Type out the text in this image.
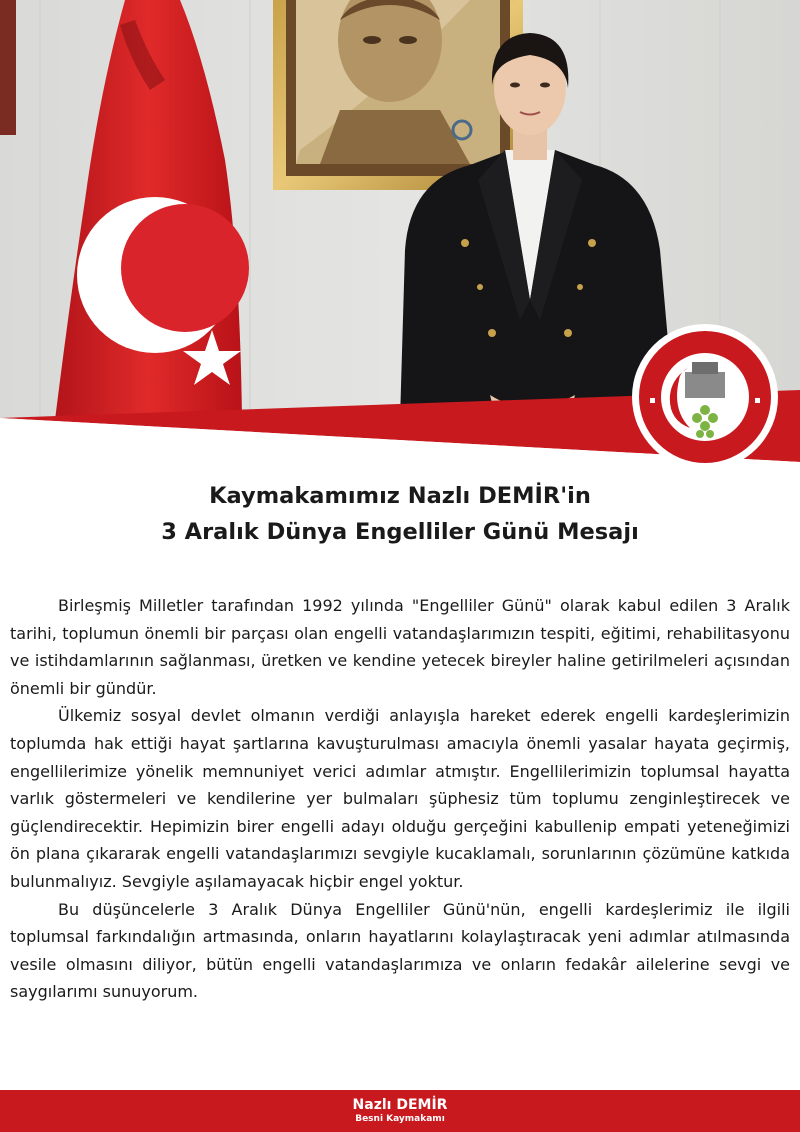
Kaymakamımız Nazlı DEMİR'in
3 Aralık Dünya Engelliler Günü Mesajı

Birleşmiş Milletler tarafından 1992 yılında "Engelliler Günü" olarak kabul edilen 3 Aralık tarihi, toplumun önemli bir parçası olan engelli vatandaşlarımızın tespiti, eğitimi, rehabilitasyonu ve istihdamlarının sağlanması, üretken ve kendine yetecek bireyler haline getirilmeleri açısından önemli bir gündür.

Ülkemiz sosyal devlet olmanın verdiği anlayışla hareket ederek engelli kardeşlerimizin toplumda hak ettiği hayat şartlarına kavuşturulması amacıyla önemli yasalar hayata geçirmiş, engellilerimize yönelik memnuniyet verici adımlar atmıştır. Engellilerimizin toplumsal hayatta varlık göstermeleri ve kendilerine yer bulmaları şüphesiz tüm toplumu zenginleştirecek ve güçlendirecektir. Hepimizin birer engelli adayı olduğu gerçeğini kabullenip empati yeteneğimizi ön plana çıkararak engelli vatandaşlarımızı sevgiyle kucaklamalı, sorunlarının çözümüne katkıda bulunmalıyız. Sevgiyle aşılamayacak hiçbir engel yoktur.

Bu düşüncelerle 3 Aralık Dünya Engelliler Günü'nün, engelli kardeşlerimiz ile ilgili toplumsal farkındalığın artmasında, onların hayatlarını kolaylaştıracak yeni adımlar atılmasında vesile olmasını diliyor, bütün engelli vatandaşlarımıza ve onların fedakâr ailelerine sevgi ve saygılarımı sunuyorum.

Nazlı DEMİR
Besni Kaymakamı
